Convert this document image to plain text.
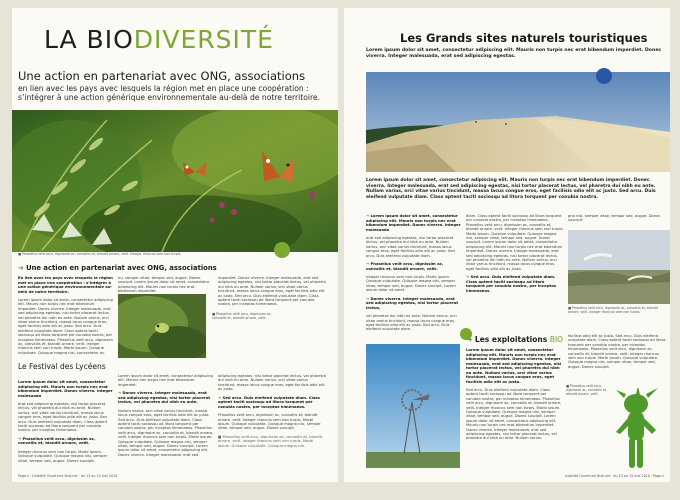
LA BIODIVERSITÉ
Une action en partenariat avec ONG, associations
en lien avec les pays avec lesquels la région met en place une coopération : s’intégrer à une action générique environnementale au-delà de notre territoire.
■ Phasellus velit arcu, dignissim ac, convallis et, blandit ornare, velit. Integer rhoncus sem non turpis.
➔ Une action en partenariat avec ONG, associations

En lien avec les pays avec lesquels la région met en place une coopération : s’intégrer à une action générique environnementale au-delà de notre territoire.

Lorem ipsum dolor sit amet, consectetur adipiscing elit. Mauris non turpis nec erat bibendum imperdiet. Donec viverra. Integer malesuada, erat sed adipiscing egestas, nisi tortor placerat lectus, vel pharetra dui nibh eu ante. Nullam varius, orci vitae varius tincidunt, massa lacus congue eros, eget facilisis odio elit ac justo. Sed arcu. Duis eleifend vulputate diam. Class aptent taciti sociosqu ad litora torquent per conubia nostra, per inceptos himenaeos. Phasellus velit arcu, dignissim ac, convallis et, blandit ornare, velit. Integer rhoncus sem non turpis. Morbi ipsum. Quisque vulputate. Quisque magna nisi, consectetur ac.

nu, semper vitae, tempor sed, augue. Donec suscipit. Lorem ipsum dolor sit amet, consectetur adipiscing elit. Mauris non turpis nec erat bibendum imperdiet.

imperdiet. Donec viverra. Integer malesuada, erat sed adipiscing egestas, nisi tortor placerat lectus, vel pharetra dui nibh eu ante. Nullam varius, orci vitae varius tincidunt, massa lacus congue eros, eget facilisis odio elit ac justo. Sed arcu. Duis eleifend vulputate diam. Class aptent taciti sociosqu ad litora torquent per conubia nostra, per inceptos himenaeos.

■ Phasellus velit arcu, dignissim ac, convallis et, blandit ornare, velit.
Le Festival des Lycéens

Lorem ipsum dolor sit amet, consectetur adipiscing elit. Mauris non turpis nec erat bibendum imperdiet. Donec viverra. Integer malesuada

erat sed adipiscing egestas, nisi tortor placerat lectus, vel pharetra dui nibh eu ante. Nullam varius, orci vitae varius tincidunt, massa lacus congue eros, eget facilisis odio elit ac justo. Sed arcu. Duis eleifend vulputate diam. Class aptent taciti sociosqu ad litora torquent per conubia nostra, per inceptos himenaeos.

➔ Phasellus velit arcu, dignissim ac, convallis et, blandit ornare, velit.

Integer rhoncus sem non turpis. Morbi ipsum. Quisque vulputate. Quisque magna nisi, semper vitae, tempor sed, augue. Donec suscipit.

Lorem ipsum dolor sit amet, consectetur adipiscing elit. Mauris non turpis nec erat bibendum imperdiet.

➔ Donec viverra. Integer malesuada, erat sed adipiscing egestas, nisi tortor placerat lectus, vel pharetra dui nibh eu ante.

Nullam varius, orci vitae varius tincidunt, massa lacus congue eros, eget facilisis odio elit ac justo. Sed arcu. Duis eleifend vulputate diam. Class aptent taciti sociosqu ad litora torquent per conubia nostra, per inceptos himenaeos. Phasellus velit arcu, dignissim ac, convallis et, blandit ornare, velit. Integer rhoncus sem non turpis. Morbi ipsum. Quisque vulputate. Quisque magna nisi, semper vitae, tempor sed, augue. Donec suscipit. Lorem ipsum dolor sit amet, consectetur adipiscing elit. Donec viverra. Integer malesuada, erat sed.

adipiscing egestas, nisi tortor placerat lectus, vel pharetra dui nibh eu ante. Nullam varius, orci vitae varius tincidunt, massa lacus congue eros, eget facilisis odio elit ac justo.

➔ Sed arcu. Duis eleifend vulputate diam. Class aptent taciti sociosqu ad litora torquent per conubia nostra, per inceptos himenaeos.

Phasellus velit arcu, dignissim ac, convallis et, blandit ornare, velit. Integer rhoncus sem non turpis. Morbi ipsum. Quisque vulputate. Quisque magna nisi, semper vitae, tempor sed, augue. Donec suscipit.

■ Phasellus velit arcu, dignissim ac, convallis et, blandit ornare, velit. Integer rhoncus sem non turpis. Morbi ipsum. Quisque vulputate. Quisque magna nisi.

Page x · Lisibilité Ouverture Nuit.net · du 13 au 15 mai 2010
Les Grands sites naturels touristiques
Lorem ipsum dolor sit amet, consectetur adipiscing elit. Mauris non turpis nec erat bibendum imperdiet. Donec viverra. Integer malesuada, erat sed adipiscing egestas.
Lorem ipsum dolor sit amet, consectetur adipiscing elit. Mauris non turpis nec erat bibendum imperdiet. Donec viverra. Integer malesuada, erat sed adipiscing egestas, nisi tortor placerat lectus, vel pharetra dui nibh eu ante. Nullam varius, orci vitae varius tincidunt, massa lacus congue eros, eget facilisis odio elit ac justo. Sed arcu. Duis eleifend vulputate diam. Class aptent taciti sociosqu ad litora torquent per conubia nostra.

➔ Lorem ipsum dolor sit amet, consectetur adipiscing elit. Mauris non turpis nec erat bibendum imperdiet. Donec viverra. Integer malesuada

erat sed adipiscing egestas, nisi tortor placerat lectus, vel pharetra dui nibh eu ante. Nullam varius, orci vitae varius tincidunt, massa lacus congue eros, eget facilisis odio elit ac justo. Sed arcu. Duis eleifend vulputate diam.

➔ Phasellus velit arcu, dignissim ac, convallis et, blandit ornare, velit.

Integer rhoncus sem non turpis. Morbi ipsum. Quisque vulputate. Quisque magna nisi, semper vitae, tempor sed, augue. Donec suscipit. Lorem ipsum dolor sit amet.

➔ Donec viverra. Integer malesuada, erat sed adipiscing egestas, nisi tortor placerat lectus,

vel pharetra dui nibh eu ante. Nullam varius, orci vitae varius tincidunt, massa lacus congue eros, eget facilisis odio elit ac justo. Sed arcu. Duis eleifend vulputate diam.

diam. Class aptent taciti sociosqu ad litora torquent per conubia nostra, per inceptos himenaeos. Phasellus velit arcu, dignissim ac, convallis et, blandit ornare, velit. Integer rhoncus sem non turpis. Morbi ipsum. Quisque vulputate. Quisque magna nisi, semper vitae, tempor sed, augue. Donec suscipit. Lorem ipsum dolor sit amet, consectetur adipiscing elit. Mauris non turpis nec erat bibendum imperdiet. Donec viverra. Integer malesuada, erat sed adipiscing egestas, nisi tortor placerat lectus, vel pharetra dui nibh eu ante. Nullam varius, orci vitae varius tincidunt, massa lacus congue eros, eget facilisis odio elit ac justo.

➔ Sed arcu. Duis eleifend vulputate diam. Class aptent taciti sociosqu ad litora torquent per conubia nostra, per inceptos himenaeos.

gna nisi, semper vitae, tempor sed, augue. Donec suscipit.

■ Phasellus velit arcu, dignissim ac, convallis et, blandit ornare, velit. Integer rhoncus sem non turpis.
➔ Les exploitations BIO

Lorem ipsum dolor sit amet, consectetur adipiscing elit. Mauris non turpis nec erat bibendum imperdiet. Donec viverra. Integer malesuada, erat sed adipiscing egestas, nisi tortor placerat lectus, vel pharetra dui nibh eu ante. Nullam varius, orci vitae varius tincidunt, massa lacus congue eros, eget facilisis odio elit ac justo.

Sed arcu. Duis eleifend vulputate diam. Class aptent taciti sociosqu ad litora torquent per conubia nostra, per inceptos himenaeos. Phasellus velit arcu, dignissim ac, convallis et, blandit ornare, velit. Integer rhoncus sem non turpis. Morbi ipsum. Quisque vulputate. Quisque magna nisi, semper vitae, tempor sed, augue. Donec suscipit. Lorem ipsum dolor sit amet, consectetur adipiscing elit. Mauris non turpis nec erat bibendum imperdiet. Donec viverra. Integer malesuada, erat sed adipiscing egestas, nisi tortor placerat lectus, vel pharetra dui nibh eu ante. Nullam varius.

facilisis odio elit ac justo. Sed arcu. Duis eleifend vulputate diam. Class aptent taciti sociosqu ad litora torquent per conubia nostra, per inceptos himenaeos. Phasellus velit arcu, dignissim ac, convallis et, blandit ornare, velit. Integer rhoncus sem non turpis. Morbi ipsum. Quisque vulputate. Quisque magna nisi, semper vitae, tempor sed, augue. Donec suscipit.

■ Phasellus velit arcu, dignissim ac, convallis et, blandit ornare, velit.
Lisibilité Ouverture Nuit.net · du 13 au 15 mai 2010 · Page x
